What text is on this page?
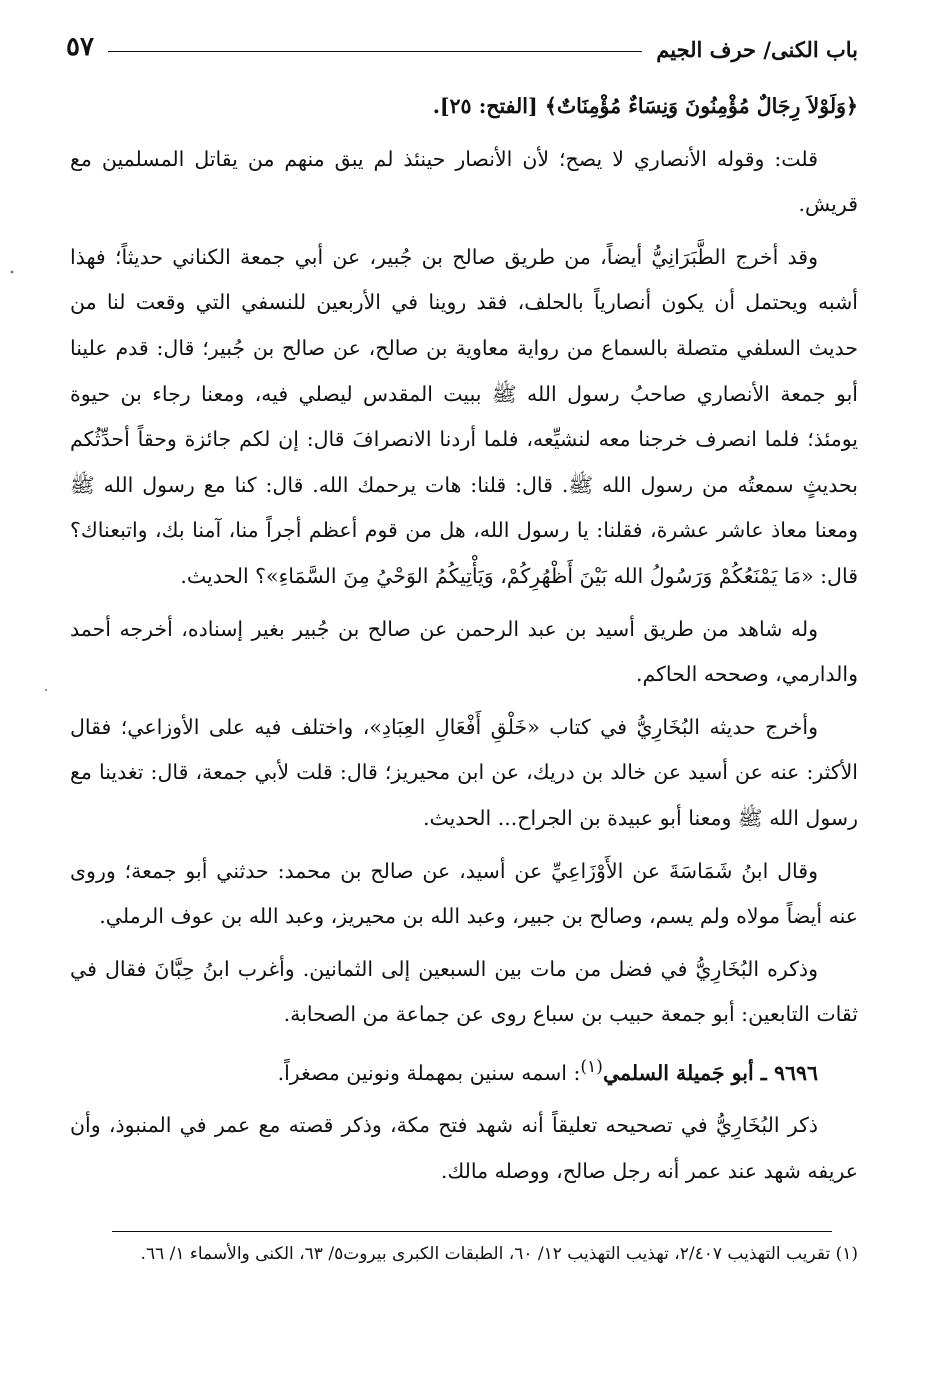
باب الكنى/ حرف الجيم
٥٧

﴿وَلَوْلاَ رِجَالٌ مُؤْمِنُونَ وَنِسَاءٌ مُؤْمِنَاتٌ﴾ [الفتح: ٢٥].

قلت: وقوله الأنصاري لا يصح؛ لأن الأنصار حينئذ لم يبق منهم من يقاتل المسلمين مع قريش.

وقد أخرج الطَّبَرَانِيُّ أيضاً، من طريق صالح بن جُبير، عن أبي جمعة الكناني حديثاً؛ فهذا أشبه ويحتمل أن يكون أنصارياً بالحلف، فقد روينا في الأربعين للنسفي التي وقعت لنا من حديث السلفي متصلة بالسماع من رواية معاوية بن صالح، عن صالح بن جُبير؛ قال: قدم علينا أبو جمعة الأنصاري صاحبُ رسول الله ﷺ ببيت المقدس ليصلي فيه، ومعنا رجاء بن حيوة يومئذ؛ فلما انصرف خرجنا معه لنشيِّعه، فلما أردنا الانصرافَ قال: إن لكم جائزة وحقاً أحدِّثُكم بحديثٍ سمعتُه من رسول الله ﷺ. قال: قلنا: هات يرحمك الله. قال: كنا مع رسول الله ﷺ ومعنا معاذ عاشر عشرة، فقلنا: يا رسول الله، هل من قوم أعظم أجراً منا، آمنا بك، واتبعناك؟ قال: «مَا يَمْنَعُكُمْ وَرَسُولُ الله بَيْنَ أَظْهُرِكُمْ، وَيَأْتِيكُمُ الوَحْيُ مِنَ السَّمَاءِ»؟ الحديث.

وله شاهد من طريق أسيد بن عبد الرحمن عن صالح بن جُبير بغير إسناده، أخرجه أحمد والدارمي، وصححه الحاكم.

وأخرج حديثه البُخَارِيُّ في كتاب «خَلْقِ أَفْعَالِ العِبَادِ»، واختلف فيه على الأوزاعي؛ فقال الأكثر: عنه عن أسيد عن خالد بن دريك، عن ابن محيريز؛ قال: قلت لأبي جمعة، قال: تغدينا مع رسول الله ﷺ ومعنا أبو عبيدة بن الجراح... الحديث.

وقال ابنُ شَمَاسَةَ عن الأَوْزَاعِيِّ عن أسيد، عن صالح بن محمد: حدثني أبو جمعة؛ وروى عنه أيضاً مولاه ولم يسم، وصالح بن جبير، وعبد الله بن محيريز، وعبد الله بن عوف الرملي.

وذكره البُخَارِيُّ في فضل من مات بين السبعين إلى الثمانين. وأغرب ابنُ حِبَّانَ فقال في ثقات التابعين: أبو جمعة حبيب بن سباع روى عن جماعة من الصحابة.

٩٦٩٦ ـ أبو جَميلة السلمي$^{(١)}$: اسمه سنين بمهملة ونونين مصغراً.

ذكر البُخَارِيُّ في تصحيحه تعليقاً أنه شهد فتح مكة، وذكر قصته مع عمر في المنبوذ، وأن عريفه شهد عند عمر أنه رجل صالح، ووصله مالك.

(١) تقريب التهذيب ٢/٤٠٧، تهذيب التهذيب ١٢/ ٦٠، الطبقات الكبرى بيروت٥/ ٦٣، الكنى والأسماء ١/ ٦٦.
